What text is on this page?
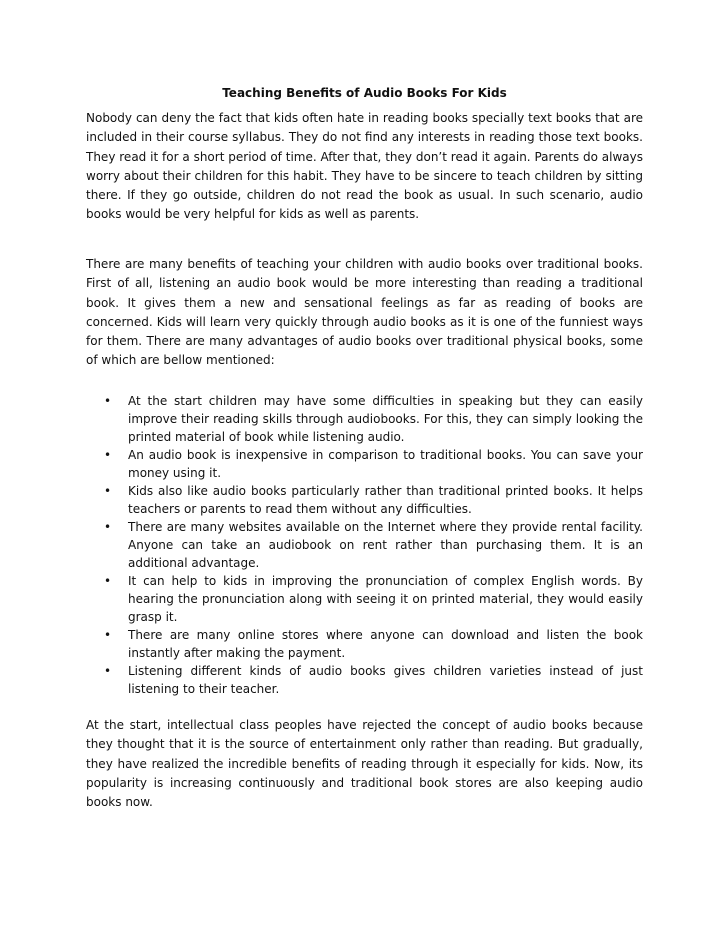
Teaching Benefits of Audio Books For Kids

Nobody can deny the fact that kids often hate in reading books specially text books that are included in their course syllabus. They do not find any interests in reading those text books. They read it for a short period of time. After that, they don’t read it again. Parents do always worry about their children for this habit. They have to be sincere to teach children by sitting there. If they go outside, children do not read the book as usual. In such scenario, audio books would be very helpful for kids as well as parents.

There are many benefits of teaching your children with audio books over traditional books. First of all, listening an audio book would be more interesting than reading a traditional book. It gives them a new and sensational feelings as far as reading of books are concerned. Kids will learn very quickly through audio books as it is one of the funniest ways for them. There are many advantages of audio books over traditional physical books, some of which are bellow mentioned:

•	At the start children may have some difficulties in speaking but they can easily improve their reading skills through audiobooks. For this, they can simply looking the printed material of book while listening audio.
•	An audio book is inexpensive in comparison to traditional books. You can save your money using it.
•	Kids also like audio books particularly rather than traditional printed books. It helps teachers or parents to read them without any difficulties.
•	There are many websites available on the Internet where they provide rental facility. Anyone can take an audiobook on rent rather than purchasing them. It is an additional advantage.
•	It can help to kids in improving the pronunciation of complex English words. By hearing the pronunciation along with seeing it on printed material, they would easily grasp it.
•	There are many online stores where anyone can download and listen the book instantly after making the payment.
•	Listening different kinds of audio books gives children varieties instead of just listening to their teacher.

At the start, intellectual class peoples have rejected the concept of audio books because they thought that it is the source of entertainment only rather than reading. But gradually, they have realized the incredible benefits of reading through it especially for kids. Now, its popularity is increasing continuously and traditional book stores are also keeping audio books now.
